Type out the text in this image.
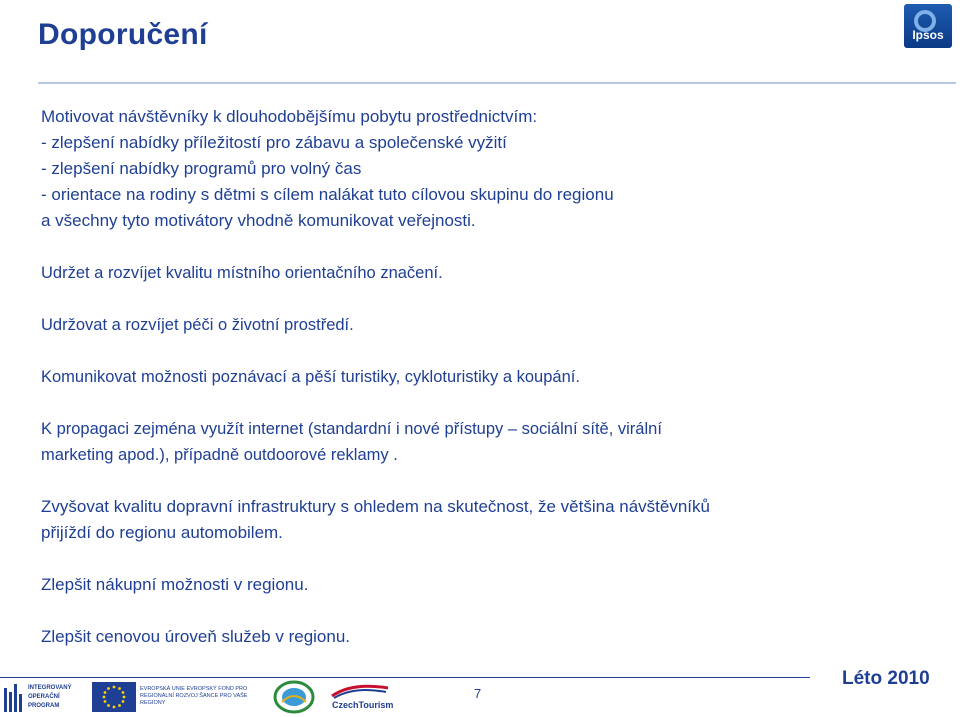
Doporučení	Ipsos
Motivovat návštěvníky k dlouhodobějšímu pobytu prostřednictvím:
- zlepšení nabídky příležitostí pro zábavu a společenské vyžití
- zlepšení nabídky programů pro volný čas
- orientace na rodiny s dětmi s cílem nalákat tuto cílovou skupinu do regionu
a všechny tyto motivátory vhodně komunikovat veřejnosti.
Udržet a rozvíjet kvalitu místního orientačního značení.
Udržovat a rozvíjet péči o životní prostředí.
Komunikovat možnosti poznávací a pěší turistiky, cykloturistiky a koupání.
K propagaci zejména využít internet (standardní i nové přístupy – sociální sítě, virální
marketing apod.), případně outdoorové reklamy .
Zvyšovat kvalitu dopravní infrastruktury s ohledem na skutečnost, že většina návštěvníků
přijíždí do regionu automobilem.
Zlepšit nákupní možnosti v regionu.
Zlepšit cenovou úroveň služeb v regionu.
INTEGROVANÝ OPERAČNÍ PROGRAM
EVROPSKÁ UNIE EVROPSKÝ FOND PRO REGIONÁLNÍ ROZVOJ ŠANCE PRO VAŠE REGIONY	CzechTourism
7
Léto 2010
